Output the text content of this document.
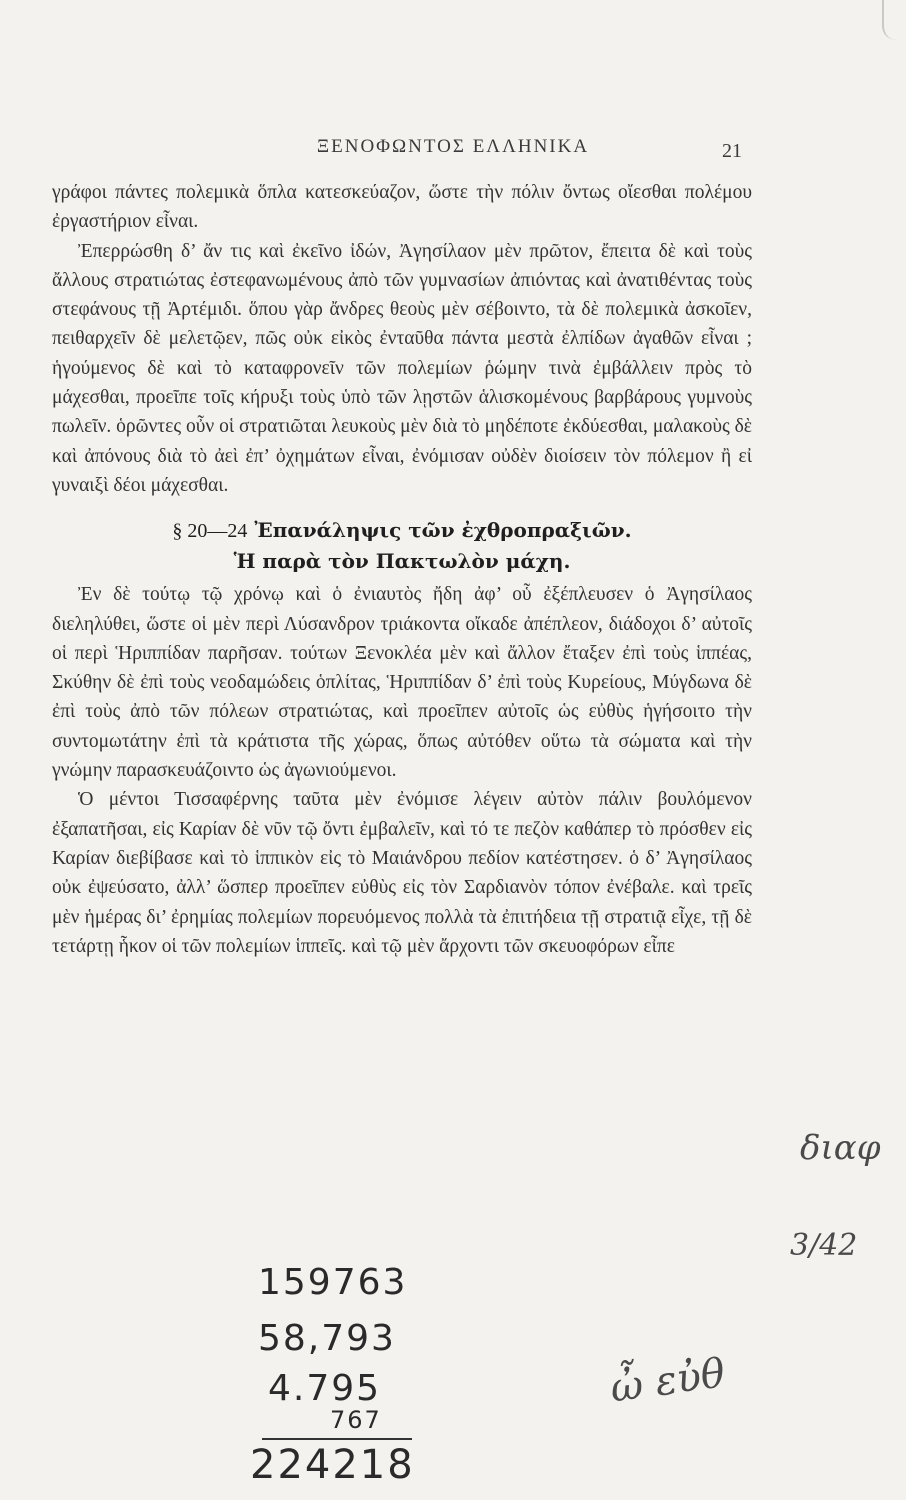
ΞΕΝΟΦΩΝΤΟΣ ΕΛΛΗΝΙΚΑ	21

γράφοι πάντες πολεμικὰ ὅπλα κατεσκεύαζον, ὥστε τὴν πόλιν ὄντως οἴεσθαι πολέμου ἐργαστήριον εἶναι.

Ἐπερρώσθη δ’ ἄν τις καὶ ἐκεῖνο ἰδών, Ἀγησίλαον μὲν πρῶτον, ἔπειτα δὲ καὶ τοὺς ἄλλους στρατιώτας ἐστεφανωμένους ἀπὸ τῶν γυμνασίων ἀπιόντας καὶ ἀνατιθέντας τοὺς στεφάνους τῇ Ἀρτέμιδι. ὅπου γὰρ ἄνδρες θεοὺς μὲν σέβοιντο, τὰ δὲ πολεμικὰ ἀσκοῖεν, πειθαρχεῖν δὲ μελετῷεν, πῶς οὐκ εἰκὸς ἐνταῦθα πάντα μεστὰ ἐλπίδων ἀγαθῶν εἶναι ; ἡγούμενος δὲ καὶ τὸ καταφρονεῖν τῶν πολεμίων ῥώμην τινὰ ἐμβάλλειν πρὸς τὸ μάχεσθαι, προεῖπε τοῖς κήρυξι τοὺς ὑπὸ τῶν λῃστῶν ἁλισκομένους βαρβάρους γυμνοὺς πωλεῖν. ὁρῶντες οὖν οἱ στρατιῶται λευκοὺς μὲν διὰ τὸ μηδέποτε ἐκδύεσθαι, μαλακοὺς δὲ καὶ ἀπόνους διὰ τὸ ἀεὶ ἐπ’ ὀχημάτων εἶναι, ἐνόμισαν οὐδὲν διοίσειν τὸν πόλεμον ἢ εἰ γυναιξὶ δέοι μάχεσθαι.

§ 20—24 Ἐπανάληψις τῶν ἐχθροπραξιῶν.
Ἡ παρὰ τὸν Πακτωλὸν μάχη.

Ἐν δὲ τούτῳ τῷ χρόνῳ καὶ ὁ ἐνιαυτὸς ἤδη ἀφ’ οὗ ἐξέπλευσεν ὁ Ἀγησίλαος διεληλύθει, ὥστε οἱ μὲν περὶ Λύσανδρον τριάκοντα οἴκαδε ἀπέπλεον, διάδοχοι δ’ αὐτοῖς οἱ περὶ Ἡριππίδαν παρῆσαν. τούτων Ξενοκλέα μὲν καὶ ἄλλον ἔταξεν ἐπὶ τοὺς ἱππέας, Σκύθην δὲ ἐπὶ τοὺς νεοδαμώδεις ὁπλίτας, Ἡριππίδαν δ’ ἐπὶ τοὺς Κυρείους, Μύγδωνα δὲ ἐπὶ τοὺς ἀπὸ τῶν πόλεων στρατιώτας, καὶ προεῖπεν αὐτοῖς ὡς εὐθὺς ἡγήσοιτο τὴν συντομωτάτην ἐπὶ τὰ κράτιστα τῆς χώρας, ὅπως αὐτόθεν οὕτω τὰ σώματα καὶ τὴν γνώμην παρασκευάζοιντο ὡς ἀγωνιούμενοι.

Ὁ μέντοι Τισσαφέρνης ταῦτα μὲν ἐνόμισε λέγειν αὐτὸν πάλιν βουλόμενον ἐξαπατῆσαι, εἰς Καρίαν δὲ νῦν τῷ ὄντι ἐμβαλεῖν, καὶ τό τε πεζὸν καθάπερ τὸ πρόσθεν εἰς Καρίαν διεβίβασε καὶ τὸ ἱππικὸν εἰς τὸ Μαιάνδρου πεδίον κατέστησεν. ὁ δ’ Ἀγησίλαος οὐκ ἐψεύσατο, ἀλλ’ ὥσπερ προεῖπεν εὐθὺς εἰς τὸν Σαρδιανὸν τόπον ἐνέβαλε. καὶ τρεῖς μὲν ἡμέρας δι’ ἐρημίας πολεμίων πορευόμενος πολλὰ τὰ ἐπιτήδεια τῇ στρατιᾷ εἶχε, τῇ δὲ τετάρτῃ ἧκον οἱ τῶν πολεμίων ἱππεῖς. καὶ τῷ μὲν ἄρχοντι τῶν σκευοφόρων εἶπε

διαφ
3/42
159763
58,793
4.795
767
224218
ὦ εὐθ
